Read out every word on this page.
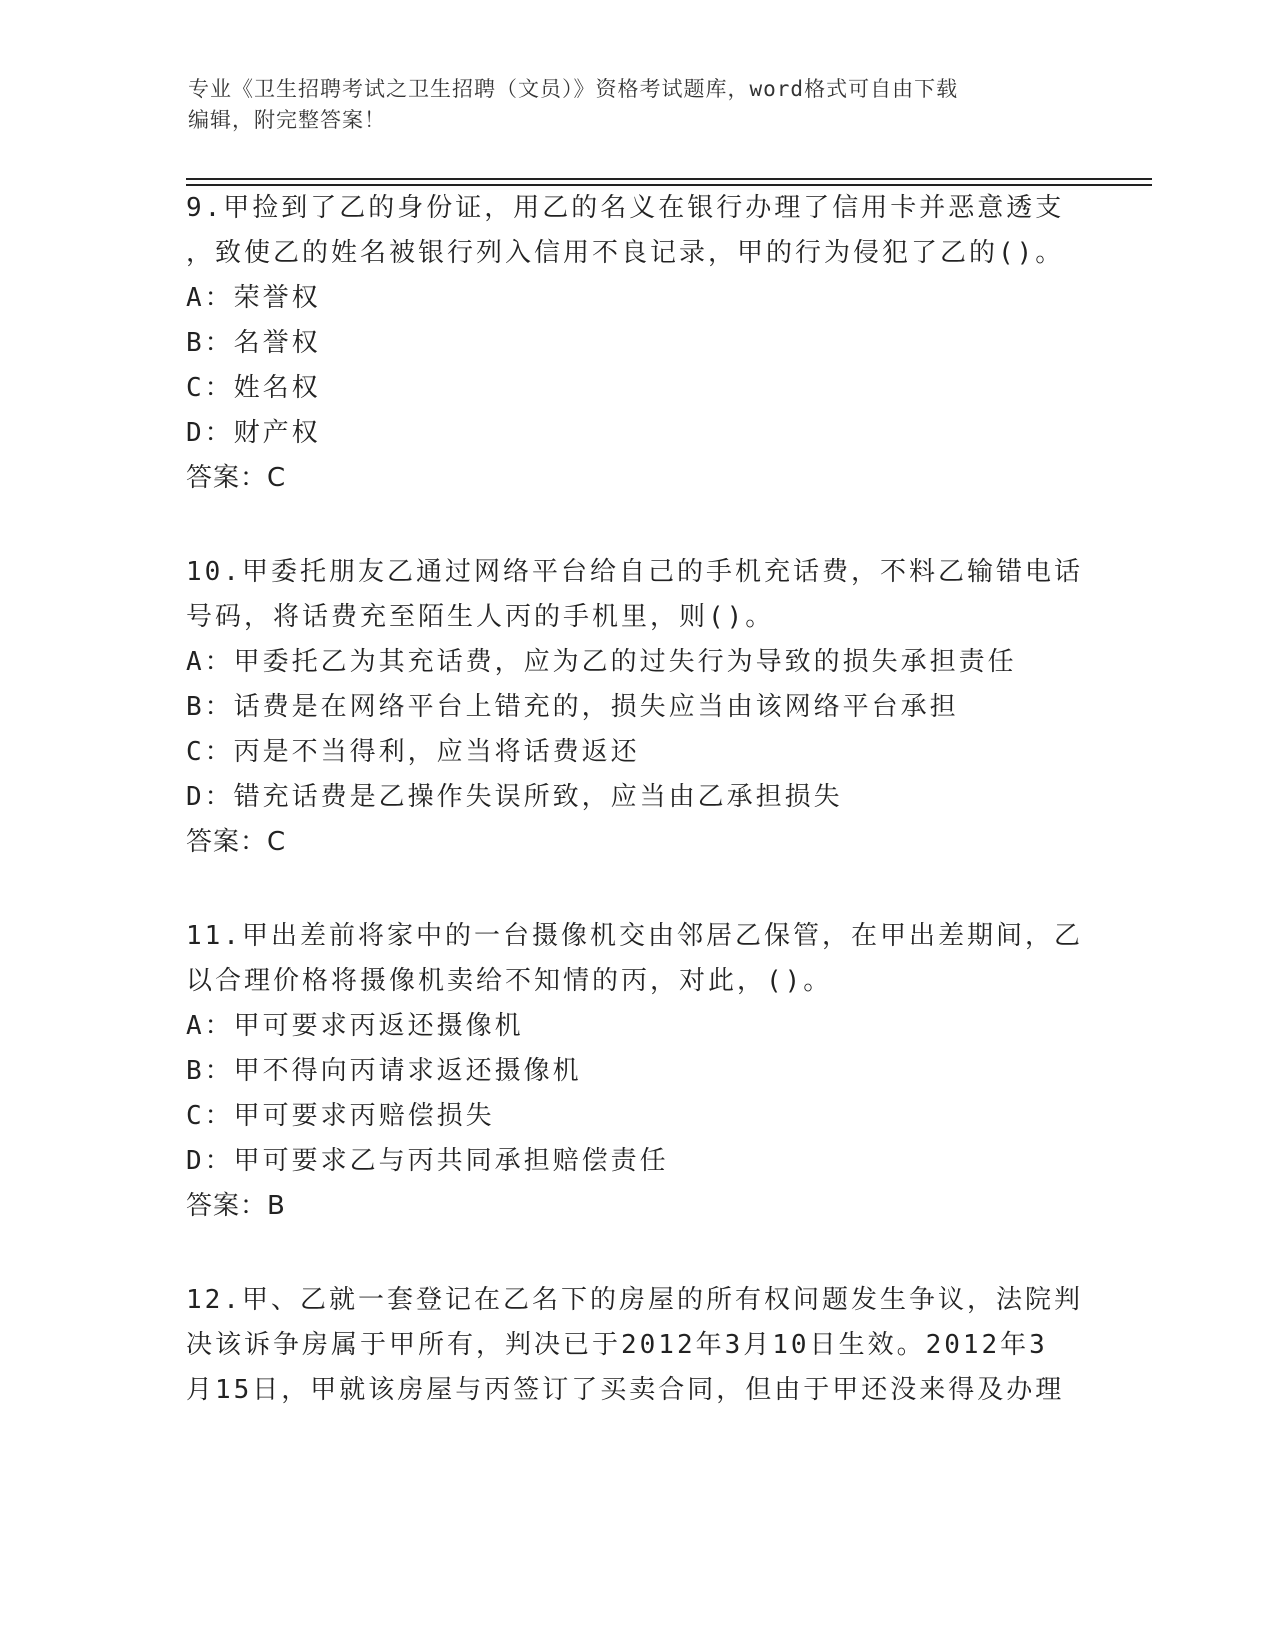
专业《卫生招聘考试之卫生招聘（文员）》资格考试题库，word格式可自由下载
编辑，附完整答案！
9.甲捡到了乙的身份证，用乙的名义在银行办理了信用卡并恶意透支
，致使乙的姓名被银行列入信用不良记录，甲的行为侵犯了乙的()。
A：荣誉权
B：名誉权
C：姓名权
D：财产权
答案：C
10.甲委托朋友乙通过网络平台给自己的手机充话费，不料乙输错电话
号码，将话费充至陌生人丙的手机里，则()。
A：甲委托乙为其充话费，应为乙的过失行为导致的损失承担责任
B：话费是在网络平台上错充的，损失应当由该网络平台承担
C：丙是不当得利，应当将话费返还
D：错充话费是乙操作失误所致，应当由乙承担损失
答案：C
11.甲出差前将家中的一台摄像机交由邻居乙保管，在甲出差期间，乙
以合理价格将摄像机卖给不知情的丙，对此，()。
A：甲可要求丙返还摄像机
B：甲不得向丙请求返还摄像机
C：甲可要求丙赔偿损失
D：甲可要求乙与丙共同承担赔偿责任
答案：B
12.甲、乙就一套登记在乙名下的房屋的所有权问题发生争议，法院判
决该诉争房属于甲所有，判决已于2012年3月10日生效。2012年3
月15日，甲就该房屋与丙签订了买卖合同，但由于甲还没来得及办理
